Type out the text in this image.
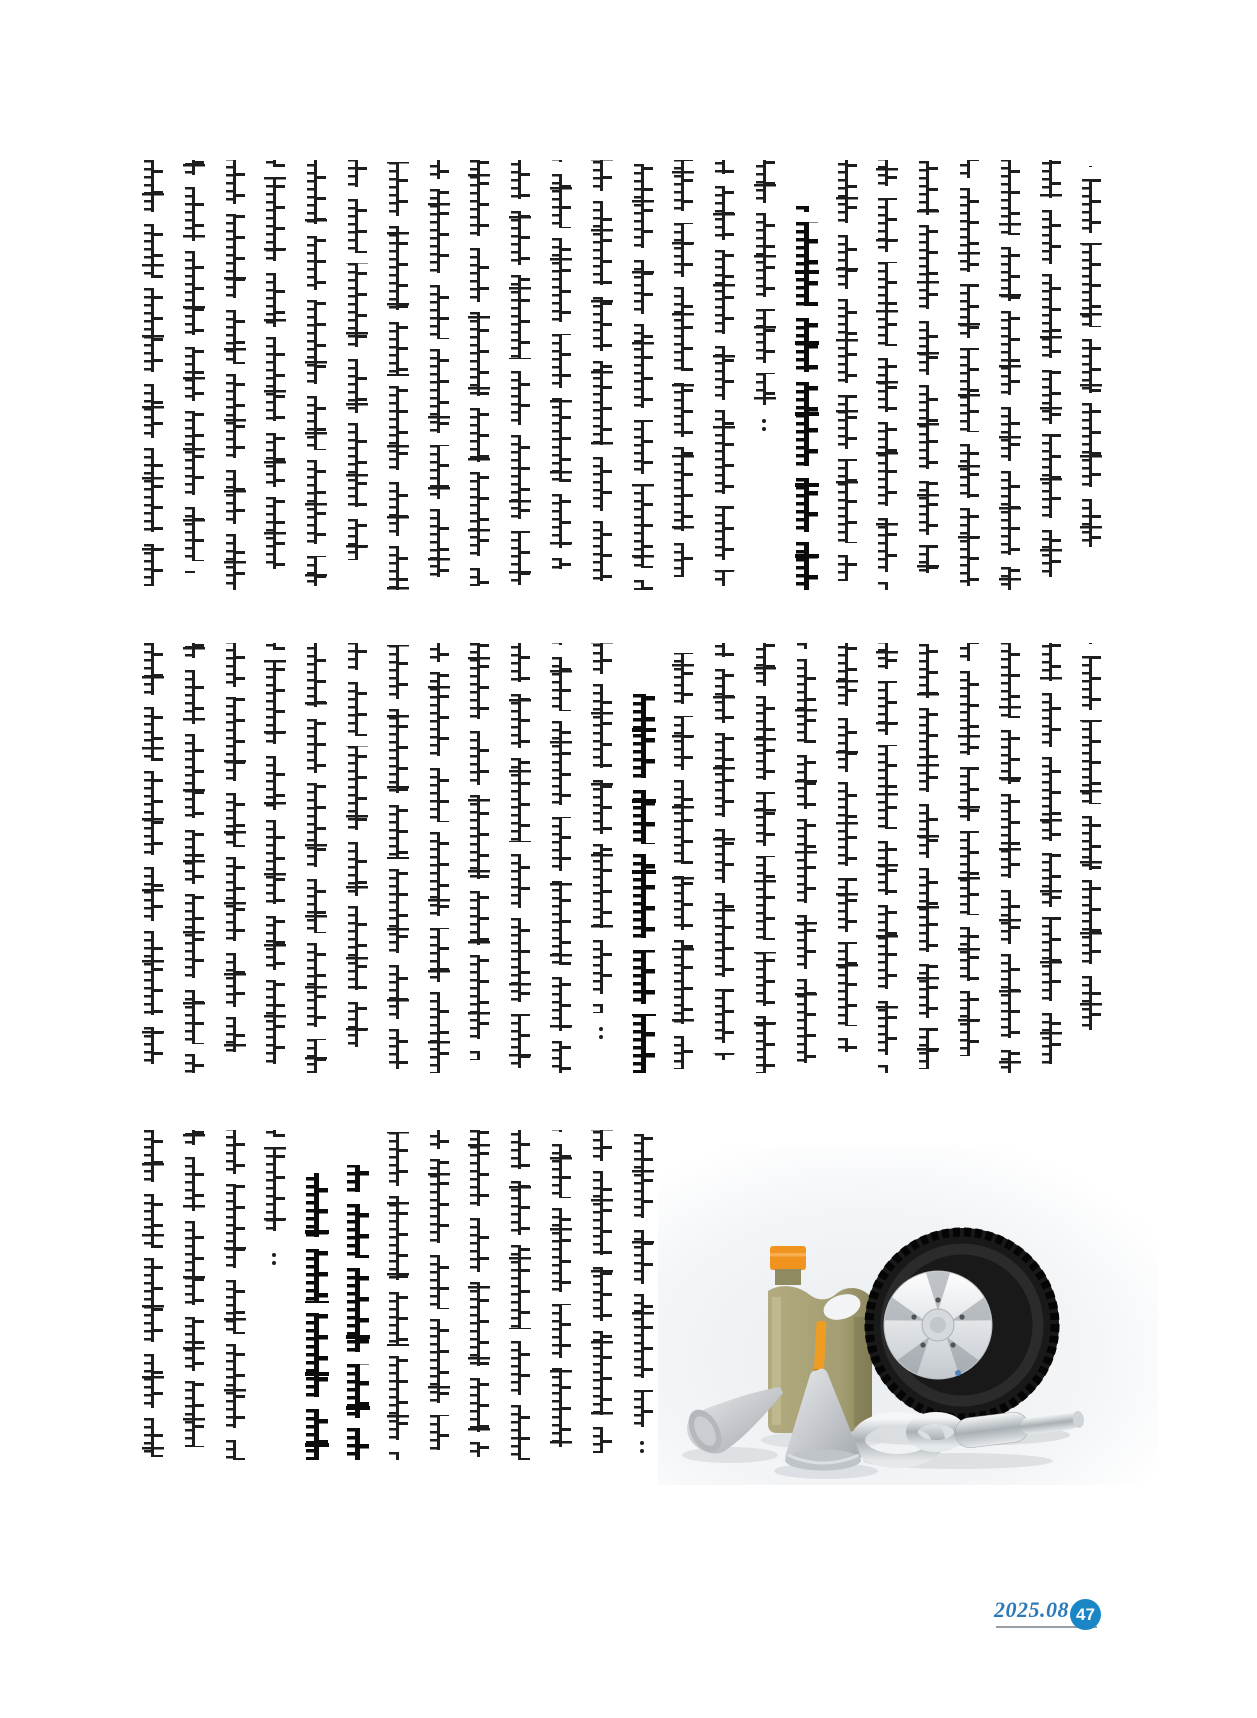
2025.08 47
